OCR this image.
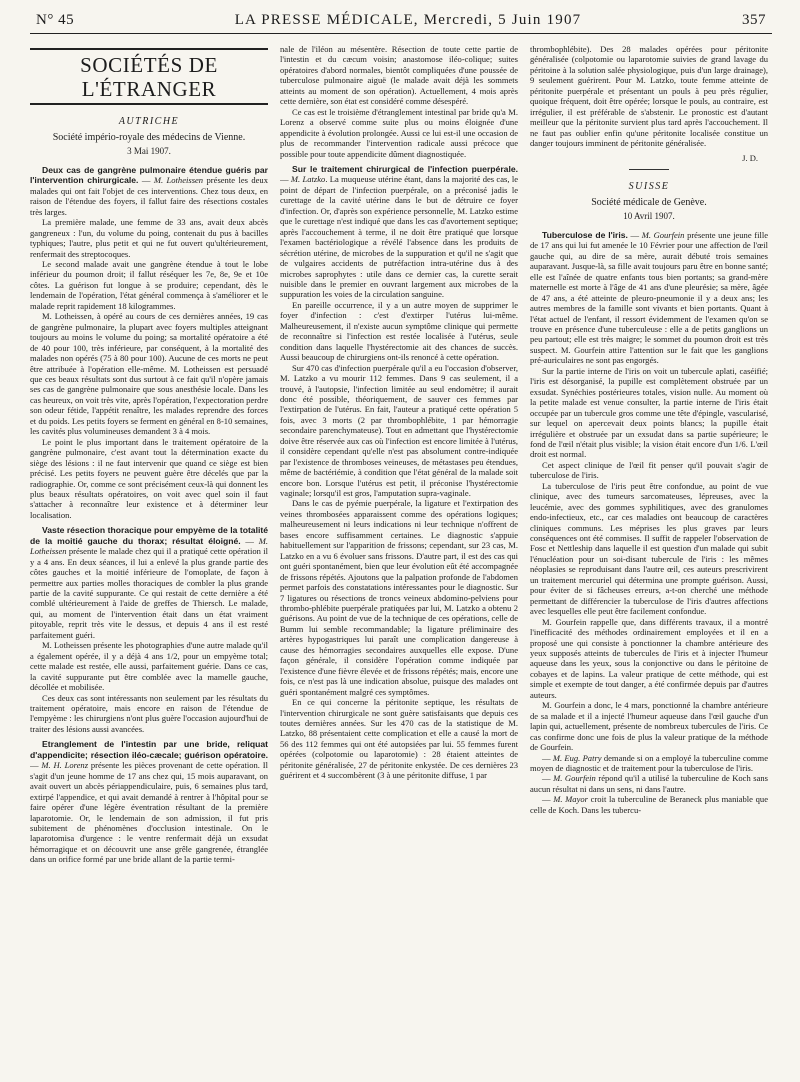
N° 45	LA PRESSE MÉDICALE, Mercredi, 5 Juin 1907	357
SOCIÉTÉS DE L'ÉTRANGER
AUTRICHE
Société império-royale des médecins de Vienne.
3 Mai 1907.

Deux cas de gangrène pulmonaire étendue guéris par l'intervention chirurgicale. — M. Lotheissen présente les deux malades qui ont fait l'objet de ces interventions. Chez tous deux, en raison de l'étendue des foyers, il fallut faire des résections costales très larges.

La première malade, une femme de 33 ans, avait deux abcès gangreneux : l'un, du volume du poing, contenait du pus à bacilles typhiques; l'autre, plus petit et qui ne fut ouvert qu'ultérieurement, renfermait des streptocoques.

Le second malade avait une gangrène étendue à tout le lobe inférieur du poumon droit; il fallut réséquer les 7e, 8e, 9e et 10e côtes. La guérison fut longue à se produire; cependant, dès le lendemain de l'opération, l'état général commença à s'améliorer et le malade reprit rapidement 18 kilogrammes.

M. Lotheissen, à opéré au cours de ces dernières années, 19 cas de gangrène pulmonaire, la plupart avec foyers multiples atteignant toujours au moins le volume du poing; sa mortalité opératoire a été de 40 pour 100, très inférieure, par conséquent, à la mortalité des malades non opérés (75 à 80 pour 100). Aucune de ces morts ne peut être attribuée à l'opération elle-même. M. Lotheissen est persuadé que ces beaux résultats sont dus surtout à ce fait qu'il n'opère jamais ses cas de gangrène pulmonaire que sous anesthésie locale. Dans les cas heureux, on voit très vite, après l'opération, l'expectoration perdre son odeur fétide, l'appétit renaître, les malades reprendre des forces et du poids. Les petits foyers se ferment en général en 8-10 semaines, les cavités plus volumineuses demandent 3 à 4 mois.

Le point le plus important dans le traitement opératoire de la gangrène pulmonaire, c'est avant tout la détermination exacte du siège des lésions : il ne faut intervenir que quand ce siège est bien précisé. Les petits foyers ne peuvent guère être décelés que par la radiographie. Or, comme ce sont précisément ceux-là qui donnent les plus beaux résultats opératoires, on voit avec quel soin il faut s'attacher à reconnaître leur existence et à déterminer leur localisation.

Vaste résection thoracique pour empyème de la totalité de la moitié gauche du thorax; résultat éloigné. — M. Lotheissen présente le malade chez qui il a pratiqué cette opération il y a 4 ans. En deux séances, il lui a enlevé la plus grande partie des côtes gauches et la moitié inférieure de l'omoplate, de façon à permettre aux parties molles thoraciques de combler la plus grande partie de la cavité suppurante. Ce qui restait de cette dernière a été comblé ultérieurement à l'aide de greffes de Thiersch. Le malade, qui, au moment de l'intervention était dans un état vraiment pitoyable, reprit très vite le dessus, et depuis 4 ans il est resté parfaitement guéri.

M. Lotheissen présente les photographies d'une autre malade qu'il a également opérée, il y a déjà 4 ans 1/2, pour un empyème total; cette malade est restée, elle aussi, parfaitement guérie. Dans ce cas, la cavité suppurante put être comblée avec la mamelle gauche, décollée et mobilisée.

Ces deux cas sont intéressants non seulement par les résultats du traitement opératoire, mais encore en raison de l'étendue de l'empyème : les chirurgiens n'ont plus guère l'occasion aujourd'hui de traiter des lésions aussi avancées.

Etranglement de l'intestin par une bride, reliquat d'appendicite; résection iléo-cæcale; guérison opératoire. — M. H. Lorenz présente les pièces provenant de cette opération. Il s'agit d'un jeune homme de 17 ans chez qui, 15 mois auparavant, on avait ouvert un abcès périappendiculaire, puis, 6 semaines plus tard, extirpé l'appendice, et qui avait demandé à rentrer à l'hôpital pour se faire opérer d'une légère éventration résultant de la première laparotomie. Or, le lendemain de son admission, il fut pris subitement de phénomènes d'occlusion intestinale. On le laparotomisa d'urgence : le ventre renfermait déjà un exsudat hémorragique et on découvrit une anse grêle gangrenée, étranglée dans un orifice formé par une bride allant de la partie termi-

nale de l'iléon au mésentère. Résection de toute cette partie de l'intestin et du cæcum voisin; anastomose iléo-colique; suites opératoires d'abord normales, bientôt compliquées d'une poussée de tuberculose pulmonaire aiguë (le malade avait déjà les sommets atteints au moment de son opération). Actuellement, 4 mois après cette dernière, son état est considéré comme désespéré.

Ce cas est le troisième d'étranglement intestinal par bride qu'a M. Lorenz a observé comme suite plus ou moins éloignée d'une appendicite à évolution prolongée. Aussi ce lui est-il une occasion de plus de recommander l'intervention radicale aussi précoce que possible pour toute appendicite dûment diagnostiquée.

Sur le traitement chirurgical de l'infection puerpérale. — M. Latzko. La muqueuse utérine étant, dans la majorité des cas, le point de départ de l'infection puerpérale, on a préconisé jadis le curettage de la cavité utérine dans le but de détruire ce foyer d'infection. Or, d'après son expérience personnelle, M. Latzko estime que le curettage n'est indiqué que dans les cas d'avortement septique; après l'accouchement à terme, il ne doit être pratiqué que lorsque l'examen bactériologique a révélé l'absence dans les produits de sécrétion utérine, de microbes de la suppuration et qu'il ne s'agit que de vulgaires accidents de putréfaction intra-utérine dus à des microbes saprophytes : utile dans ce dernier cas, la curette serait nuisible dans le premier en ouvrant largement aux microbes de la suppuration les voies de la circulation sanguine.

En pareille occurrence, il y a un autre moyen de supprimer le foyer d'infection : c'est d'extirper l'utérus lui-même. Malheureusement, il n'existe aucun symptôme clinique qui permette de reconnaître si l'infection est restée localisée à l'utérus, seule condition dans laquelle l'hystérectomie ait des chances de succès. Aussi beaucoup de chirurgiens ont-ils renoncé à cette opération.

Sur 470 cas d'infection puerpérale qu'il a eu l'occasion d'observer, M. Latzko a vu mourir 112 femmes. Dans 9 cas seulement, il a trouvé, à l'autopsie, l'infection limitée au seul endomètre; il aurait donc été possible, théoriquement, de sauver ces femmes par l'extirpation de l'utérus. En fait, l'auteur a pratiqué cette opération 5 fois, avec 3 morts (2 par thrombophlébite, 1 par hémorragie secondaire parenchymateuse). Tout en admettant que l'hystérectomie doive être réservée aux cas où l'infection est encore limitée à l'utérus, il considère cependant qu'elle n'est pas absolument contre-indiquée par l'existence de thromboses veineuses, de métastases peu étendues, même de bactériémie, à condition que l'état général de la malade soit encore bon. Lorsque l'utérus est petit, il préconise l'hystérectomie vaginale; lorsqu'il est gros, l'amputation supra-vaginale.

Dans le cas de pyémie puerpérale, la ligature et l'extirpation des veines thrombosées apparaissent comme des opérations logiques; malheureusement ni leurs indications ni leur technique n'offrent de bases encore suffisamment certaines. Le diagnostic s'appuie habituellement sur l'apparition de frissons; cependant, sur 23 cas, M. Latzko en a vu 6 évoluer sans frissons. D'autre part, il est des cas qui ont guéri spontanément, bien que leur évolution eût été accompagnée de frissons répétés. Ajoutons que la palpation profonde de l'abdomen permet parfois des constatations intéressantes pour le diagnostic. Sur 7 ligatures ou résections de troncs veineux abdomino-pelviens pour thrombo-phlébite puerpérale pratiquées par lui, M. Latzko a obtenu 2 guérisons. Au point de vue de la technique de ces opérations, celle de Bumm lui semble recommandable; la ligature préliminaire des artères hypogastriques lui paraît une complication dangereuse à cause des hémorragies secondaires auxquelles elle expose. D'une façon générale, il considère l'opération comme indiquée par l'existence d'une fièvre élevée et de frissons répétés; mais, encore une fois, ce n'est pas là une indication absolue, puisque des malades ont guéri spontanément malgré ces symptômes.

En ce qui concerne la péritonite septique, les résultats de l'intervention chirurgicale ne sont guère satisfaisants que depuis ces toutes dernières années. Sur les 470 cas de la statistique de M. Latzko, 88 présentaient cette complication et elle a causé la mort de 56 des 112 femmes qui ont été autopsiées par lui. 55 femmes furent opérées (colpotomie ou laparotomie) : 28 étaient atteintes de péritonite généralisée, 27 de péritonite enkystée. De ces dernières 23 guérirent et 4 succombèrent (3 à une péritonite diffuse, 1 par

thrombophlébite). Des 28 malades opérées pour péritonite généralisée (colpotomie ou laparotomie suivies de grand lavage du péritoine à la solution salée physiologique, puis d'un large drainage), 9 seulement guérirent. Pour M. Latzko, toute femme atteinte de péritonite puerpérale et présentant un pouls à peu près régulier, quoique fréquent, doit être opérée; lorsque le pouls, au contraire, est irrégulier, il est préférable de s'abstenir. Le pronostic est d'autant meilleur que la péritonite survient plus tard après l'accouchement. Il ne faut pas oublier enfin qu'une péritonite localisée constitue un danger toujours imminent de péritonite généralisée.

J. D.
SUISSE
Société médicale de Genève.
10 Avril 1907.

Tuberculose de l'iris. — M. Gourfein présente une jeune fille de 17 ans qui lui fut amenée le 10 Février pour une affection de l'œil gauche qui, au dire de sa mère, aurait débuté trois semaines auparavant. Jusque-là, sa fille avait toujours paru être en bonne santé; elle est l'aînée de quatre enfants tous bien portants; sa grand-mère maternelle est morte à l'âge de 41 ans d'une pleurésie; sa mère, âgée de 47 ans, a été atteinte de pleuro-pneumonie il y a deux ans; les autres membres de la famille sont vivants et bien portants. Quant à l'état actuel de l'enfant, il ressort évidemment de l'examen qu'on se trouve en présence d'une tuberculeuse : elle a de petits ganglions un peu partout; elle est très maigre; le sommet du poumon droit est très suspect. M. Gourfein attire l'attention sur le fait que les ganglions pré-auriculaires ne sont pas engorgés.

Sur la partie interne de l'iris on voit un tubercule aplati, caséifié; l'iris est désorganisé, la pupille est complètement obstruée par un exsudat. Synéchies postérieures totales, vision nulle. Au moment où la petite malade est venue consulter, la partie interne de l'iris était occupée par un tubercule gros comme une tête d'épingle, vascularisé, sur lequel on apercevait deux points blancs; la pupille était irrégulière et obstruée par un exsudat dans sa partie supérieure; le fond de l'œil n'était plus visible; la vision était encore d'un 1/6. L'œil droit est normal.

Cet aspect clinique de l'œil fit penser qu'il pouvait s'agir de tuberculose de l'iris.

La tuberculose de l'iris peut être confondue, au point de vue clinique, avec des tumeurs sarcomateuses, lépreuses, avec la leucémie, avec des gommes syphilitiques, avec des granulomes endo-infectieux, etc., car ces maladies ont beaucoup de caractères cliniques communs. Les méprises les plus graves par leurs conséquences ont été commises. Il suffit de rappeler l'observation de Fosc et Nettleship dans laquelle il est question d'un malade qui subit l'énucléation pour un soi-disant tubercule de l'iris : les mêmes néoplasies se reproduisant dans l'autre œil, ces auteurs prescrivirent un traitement mercuriel qui détermina une prompte guérison. Aussi, pour éviter de si fâcheuses erreurs, a-t-on cherché une méthode permettant de différencier la tuberculose de l'iris d'autres affections avec lesquelles elle peut être facilement confondue.

M. Gourfein rappelle que, dans différents travaux, il a montré l'inefficacité des méthodes ordinairement employées et il en a proposé une qui consiste à ponctionner la chambre antérieure des yeux supposés atteints de tubercules de l'iris et à injecter l'humeur aqueuse dans les yeux, sous la conjonctive ou dans le péritoine de cobayes et de lapins. La valeur pratique de cette méthode, qui est simple et exempte de tout danger, a été confirmée depuis par d'autres auteurs.

M. Gourfein a donc, le 4 mars, ponctionné la chambre antérieure de sa malade et il a injecté l'humeur aqueuse dans l'œil gauche d'un lapin qui, actuellement, présente de nombreux tubercules de l'iris. Ce cas confirme donc une fois de plus la valeur pratique de la méthode de Gourfein.

— M. Eug. Patry demande si on a employé la tuberculine comme moyen de diagnostic et de traitement pour la tuberculose de l'iris.

— M. Gourfein répond qu'il a utilisé la tuberculine de Koch sans aucun résultat ni dans un sens, ni dans l'autre.

— M. Mayor croit la tuberculine de Beraneck plus maniable que celle de Koch. Dans les tubercu-
